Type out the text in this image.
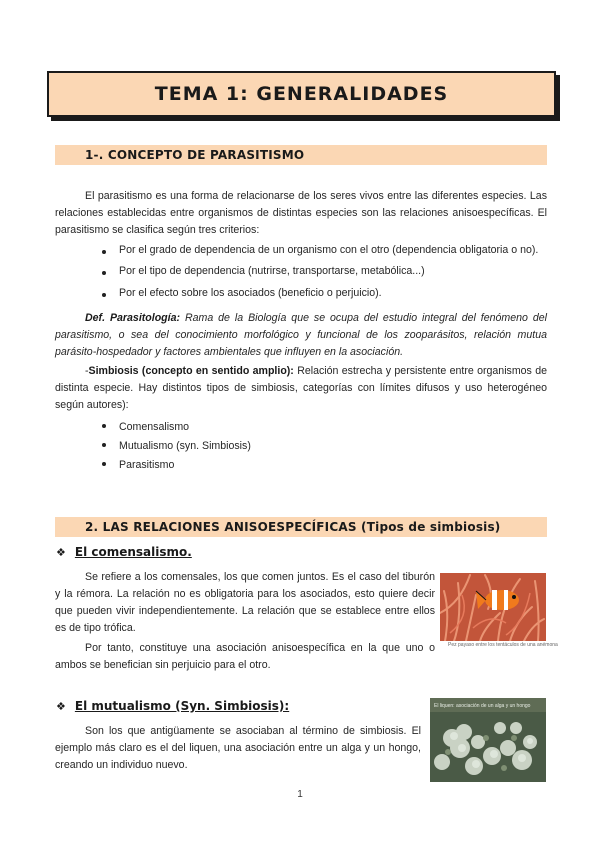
TEMA 1: GENERALIDADES
1-. CONCEPTO DE PARASITISMO
El parasitismo es una forma de relacionarse de los seres vivos entre las diferentes especies. Las relaciones establecidas entre organismos de distintas especies son las relaciones anisoespecíficas. El parasitismo se clasifica según tres criterios:
Por el grado de dependencia de un organismo con el otro (dependencia obligatoria o no).
Por el tipo de dependencia (nutrirse, transportarse, metabólica...)
Por el efecto sobre los asociados (beneficio o perjuicio).
Def. Parasitología: Rama de la Biología que se ocupa del estudio integral del fenómeno del parasitismo, o sea del conocimiento morfológico y funcional de los zooparásitos, relación mutua parásito-hospedador y factores ambientales que influyen en la asociación.
-Simbiosis (concepto en sentido amplio): Relación estrecha y persistente entre organismos de distinta especie. Hay distintos tipos de simbiosis, categorías con límites difusos y uso heterogéneo según autores):
Comensalismo
Mutualismo (syn. Simbiosis)
Parasitismo
2. LAS RELACIONES ANISOESPECÍFICAS (Tipos de simbiosis)
❖ El comensalismo.
Se refiere a los comensales, los que comen juntos. Es el caso del tiburón y la rémora. La relación no es obligatoria para los asociados, esto quiere decir que pueden vivir independientemente. La relación que se establece entre ellos es de tipo trófica.
Por tanto, constituye una asociación anisoespecífica en la que uno o ambos se benefician sin perjuicio para el otro.
Pez payaso entre los tentáculos de una anémona
❖ El mutualismo (Syn. Simbiosis):
Son los que antigüamente se asociaban al término de simbiosis. El ejemplo más claro es el del liquen, una asociación entre un alga y un hongo, creando un individuo nuevo.
El liquen: asociación de un alga y un hongo
1
